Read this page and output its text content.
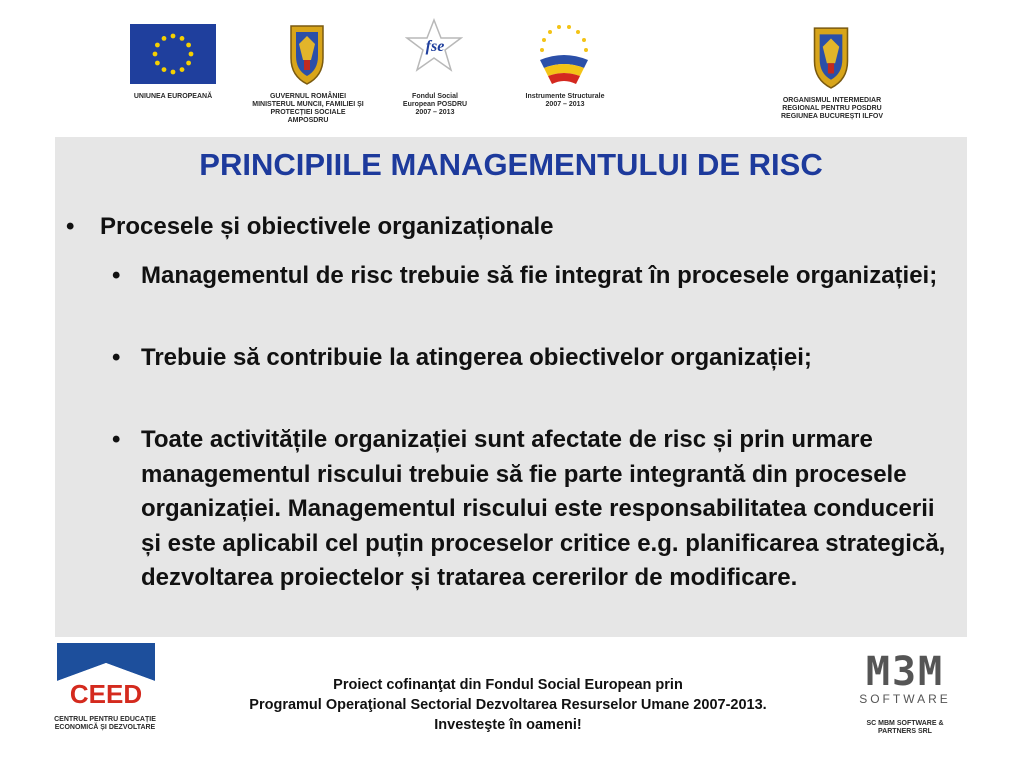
UNIUNEA EUROPEANĂ	GUVERNUL ROMÂNIEI MINISTERUL MUNCII, FAMILIEI ȘI PROTECȚIEI SOCIALE AMPOSDRU
fse
Fondul Social European POSDRU 2007 – 2013
Instrumente Structurale 2007 – 2013
ORGANISMUL INTERMEDIAR REGIONAL PENTRU POSDRU REGIUNEA BUCUREȘTI ILFOV
PRINCIPIILE MANAGEMENTULUI DE RISC
• Procesele și obiectivele organizaționale
• Managementul de risc trebuie să fie integrat în procesele organizației;
• Trebuie să contribuie la atingerea obiectivelor organizației;
• Toate activitățile organizației sunt afectate de risc și prin urmare managementul riscului trebuie să fie parte integrantă din procesele organizației. Managementul riscului este responsabilitatea conducerii și este aplicabil cel puțin proceselor critice e.g. planificarea strategică, dezvoltarea proiectelor și tratarea cererilor de modificare.
CEED
CENTRUL PENTRU EDUCAȚIE ECONOMICĂ ȘI DEZVOLTARE
Proiect cofinanţat din Fondul Social European prin
Programul Operaţional Sectorial Dezvoltarea Resurselor Umane 2007-2013.
Investeşte în oameni!
M3M
SOFTWARE
SC MBM SOFTWARE & PARTNERS SRL
